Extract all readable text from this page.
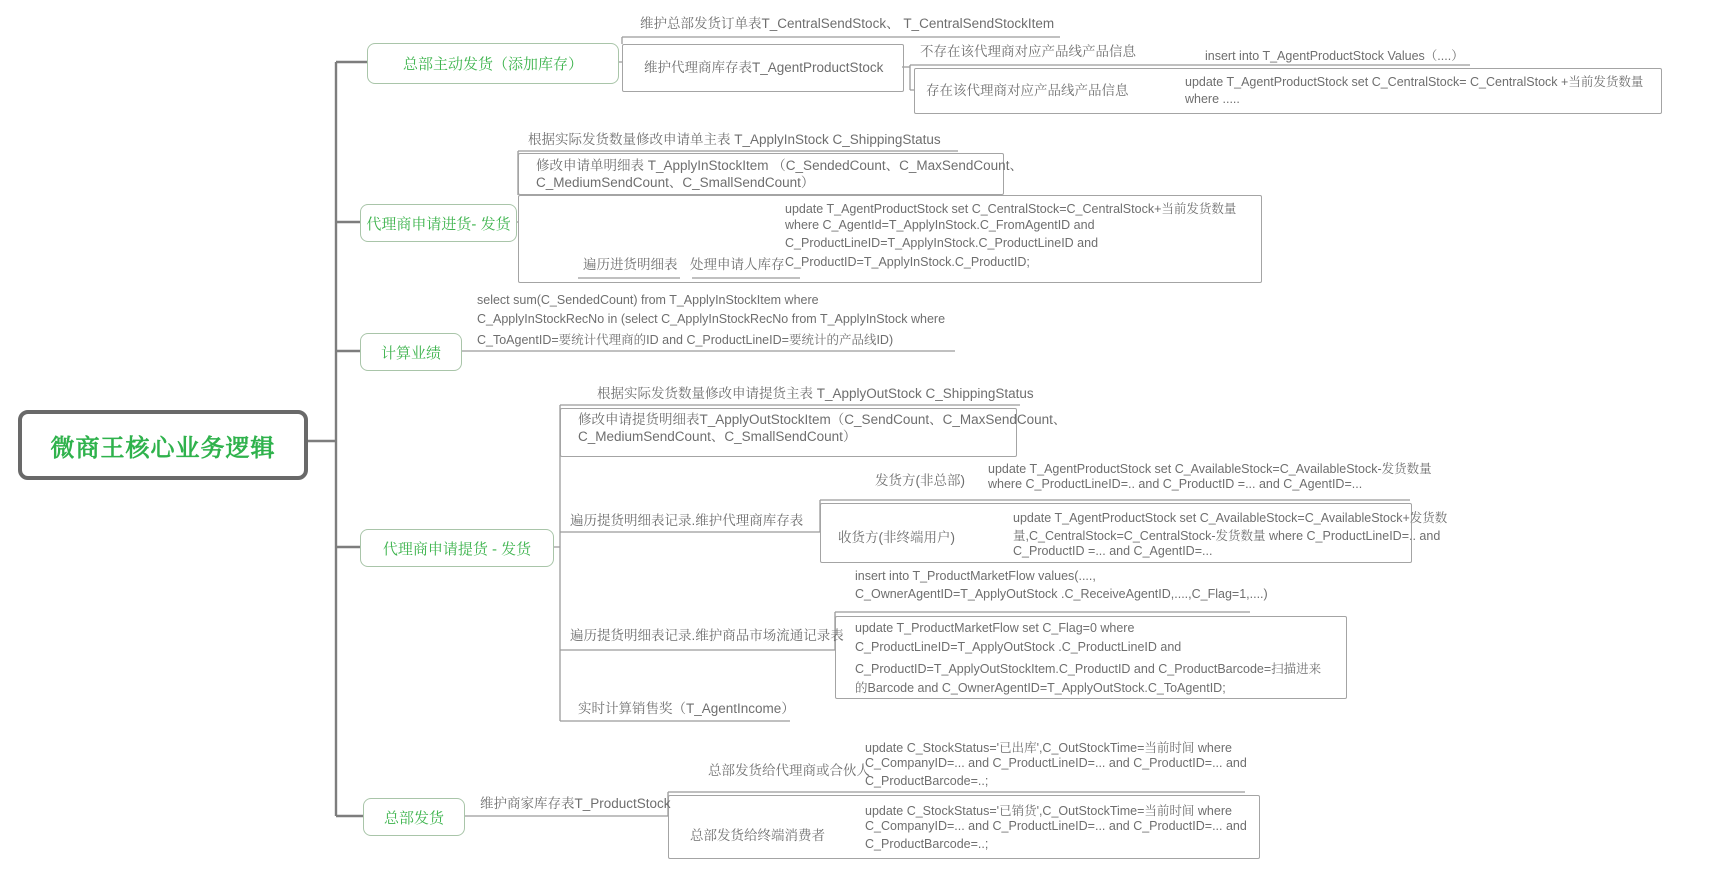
微商王核心业务逻辑
总部主动发货（添加库存）
代理商申请进货- 发货
计算业绩
代理商申请提货 - 发货
总部发货
维护总部发货订单表T_CentralSendStock、 T_CentralSendStockItem
维护代理商库存表T_AgentProductStock
不存在该代理商对应产品线产品信息	insert into T_AgentProductStock Values（....）
存在该代理商对应产品线产品信息
update T_AgentProductStock set C_CentralStock= C_CentralStock +当前发货数量
where .....
根据实际发货数量修改申请单主表 T_ApplyInStock C_ShippingStatus
修改申请单明细表 T_ApplyInStockItem （C_SendedCount、C_MaxSendCount、
C_MediumSendCount、C_SmallSendCount）
遍历进货明细表 处理申请人库存
update T_AgentProductStock set C_CentralStock=C_CentralStock+当前发货数量
where C_AgentId=T_ApplyInStock.C_FromAgentID and
C_ProductLineID=T_ApplyInStock.C_ProductLineID and
C_ProductID=T_ApplyInStock.C_ProductID;
select sum(C_SendedCount) from T_ApplyInStockItem where
C_ApplyInStockRecNo in (select C_ApplyInStockRecNo from T_ApplyInStock where
C_ToAgentID=要统计代理商的ID and C_ProductLineID=要统计的产品线ID)
根据实际发货数量修改申请提货主表 T_ApplyOutStock C_ShippingStatus
修改申请提货明细表T_ApplyOutStockItem（C_SendCount、C_MaxSendCount、
C_MediumSendCount、C_SmallSendCount）
遍历提货明细表记录.维护代理商库存表
发货方(非总部)
update T_AgentProductStock set C_AvailableStock=C_AvailableStock-发货数量
where C_ProductLineID=.. and C_ProductID =... and C_AgentID=...
收货方(非终端用户)
update T_AgentProductStock set C_AvailableStock=C_AvailableStock+发货数
量,C_CentralStock=C_CentralStock-发货数量 where C_ProductLineID=.. and
C_ProductID =... and C_AgentID=...
遍历提货明细表记录.维护商品市场流通记录表
insert into T_ProductMarketFlow values(....,
C_OwnerAgentID=T_ApplyOutStock .C_ReceiveAgentID,....,C_Flag=1,....)
update T_ProductMarketFlow set C_Flag=0 where
C_ProductLineID=T_ApplyOutStock .C_ProductLineID and
C_ProductID=T_ApplyOutStockItem.C_ProductID and C_ProductBarcode=扫描进来
的Barcode and C_OwnerAgentID=T_ApplyOutStock.C_ToAgentID;
实时计算销售奖（T_AgentIncome）
维护商家库存表T_ProductStock
总部发货给代理商或合伙人
update C_StockStatus='已出库',C_OutStockTime=当前时间 where
C_CompanyID=... and C_ProductLineID=... and C_ProductID=... and
C_ProductBarcode=..;
总部发货给终端消费者
update C_StockStatus='已销货',C_OutStockTime=当前时间 where
C_CompanyID=... and C_ProductLineID=... and C_ProductID=... and
C_ProductBarcode=..;
